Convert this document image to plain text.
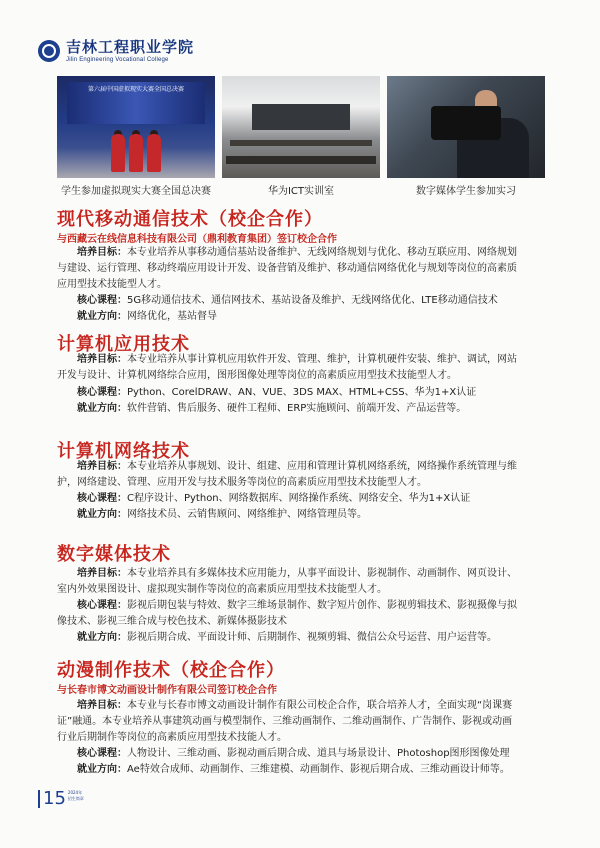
吉林工程职业学院
Jilin Engineering Vocational College
第六届中国虚拟现实大赛全国总决赛
学生参加虚拟现实大赛全国总决赛	华为ICT实训室	数字媒体学生参加实习
现代移动通信技术（校企合作）
与西藏云在线信息科技有限公司（鼎利教育集团）签订校企合作
培养目标：本专业培养从事移动通信基站设备维护、无线网络规划与优化、移动互联应用、网络规划
与建设、运行管理、移动终端应用设计开发、设备营销及维护、移动通信网络优化与规划等岗位的高素质
应用型技术技能型人才。
核心课程：5G移动通信技术、通信网技术、基站设备及维护、无线网络优化、LTE移动通信技术
就业方向：网络优化，基站督导
计算机应用技术
培养目标：本专业培养从事计算机应用软件开发、管理、维护，计算机硬件安装、维护、调试，网站
开发与设计、计算机网络综合应用，图形图像处理等岗位的高素质应用型技术技能型人才。
核心课程：Python、CorelDRAW、AN、VUE、3DS MAX、HTML+CSS、华为1+X认证
就业方向：软件营销、售后服务、硬件工程师、ERP实施顾问、前端开发、产品运营等。
计算机网络技术
培养目标：本专业培养从事规划、设计、组建、应用和管理计算机网络系统，网络操作系统管理与维
护，网络建设、管理、应用开发与技术服务等岗位的高素质应用型技术技能型人才。
核心课程：C程序设计、Python、网络数据库、网络操作系统、网络安全、华为1+X认证
就业方向：网络技术员、云销售顾问、网络维护、网络管理员等。
数字媒体技术
培养目标：本专业培养具有多媒体技术应用能力，从事平面设计、影视制作、动画制作、网页设计、
室内外效果图设计、虚拟现实制作等岗位的高素质应用型技术技能型人才。
核心课程：影视后期包装与特效、数字三维场景制作、数字短片创作、影视剪辑技术、影视摄像与拟
像技术、影视三维合成与校色技术、新媒体摄影技术
就业方向：影视后期合成、平面设计师、后期制作、视频剪辑、微信公众号运营、用户运营等。
动漫制作技术（校企合作）
与长春市博文动画设计制作有限公司签订校企合作
培养目标：本专业与长春市博文动画设计制作有限公司校企合作，联合培养人才，全面实现“岗课赛
证”融通。本专业培养从事建筑动画与模型制作、三维动画制作、二维动画制作、广告制作、影视或动画
行业后期制作等岗位的高素质应用型技术技能人才。
核心课程：人物设计、三维动画、影视动画后期合成、道具与场景设计、Photoshop图形图像处理
就业方向：Ae特效合成师、动画制作、三维建模、动画制作、影视后期合成、三维动画设计师等。
15 2024年
招生简章
